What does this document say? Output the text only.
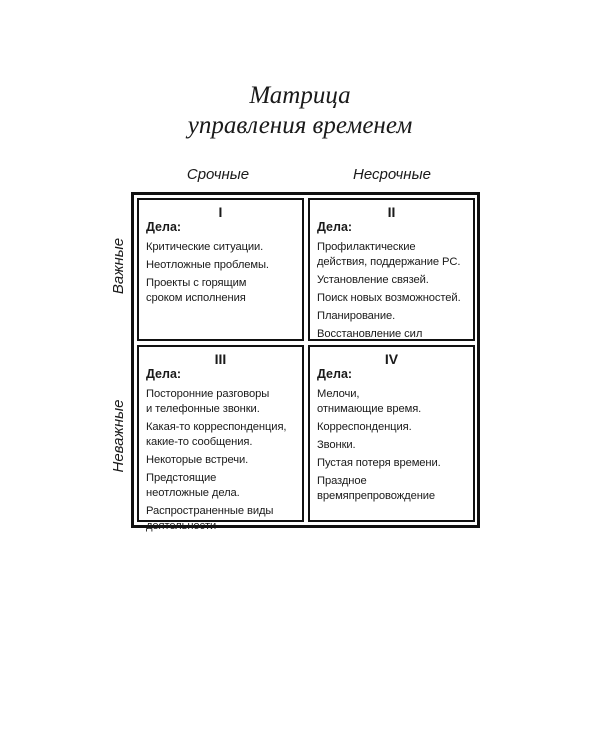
Матрица
управления временем
Срочные	Несрочные
Важные
Неважные
I
Дела:
Критические ситуации.
Неотложные проблемы.
Проекты с горящим
сроком исполнения
II
Дела:
Профилактические
действия, поддержание PC.
Установление связей.
Поиск новых возможностей.
Планирование.
Восстановление сил
III
Дела:
Посторонние разговоры
и телефонные звонки.
Какая-то корреспонденция,
какие-то сообщения.
Некоторые встречи.
Предстоящие
неотложные дела.
Распространенные виды
деятельности
IV
Дела:
Мелочи,
отнимающие время.
Корреспонденция.
Звонки.
Пустая потеря времени.
Праздное
времяпрепровождение
